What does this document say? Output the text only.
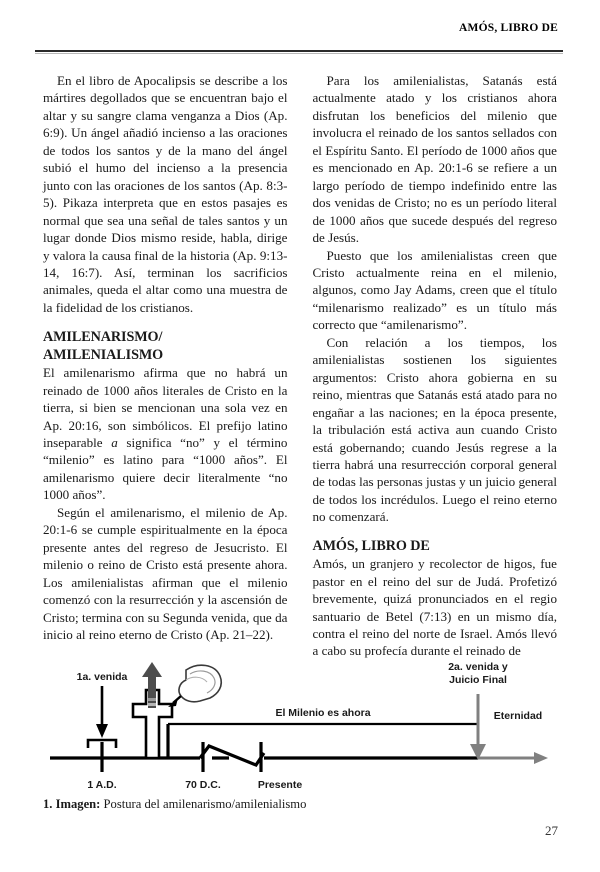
AMÓS, LIBRO DE

En el libro de Apocalipsis se describe a los mártires degollados que se encuentran bajo el altar y su sangre clama venganza a Dios (Ap. 6:9). Un ángel añadió incienso a las oraciones de todos los santos y de la mano del ángel subió el humo del incienso a la presencia junto con las oraciones de los santos (Ap. 8:3-5). Pikaza interpreta que en estos pasajes es normal que sea una señal de tales santos y un lugar donde Dios mismo reside, habla, dirige y valora la causa final de la historia (Ap. 9:13-14, 16:7). Así, terminan los sacrificios animales, queda el altar como una muestra de la fidelidad de los cristianos.

AMILENARISMO/
AMILENIALISMO

El amilenarismo afirma que no habrá un reinado de 1000 años literales de Cristo en la tierra, si bien se mencionan una sola vez en Ap. 20:16, son simbólicos. El prefijo latino inseparable a significa “no” y el término “milenio” es latino para “1000 años”. El amilenarismo quiere decir literalmente “no 1000 años”.

Según el amilenarismo, el milenio de Ap. 20:1-6 se cumple espiritualmente en la época presente antes del regreso de Jesucristo. El milenio o reino de Cristo está presente ahora. Los amilenialistas afirman que el milenio comenzó con la resurrección y la ascensión de Cristo; termina con su Segunda venida, que da inicio al reino eterno de Cristo (Ap. 21–22).

Para los amilenialistas, Satanás está actualmente atado y los cristianos ahora disfrutan los beneficios del milenio que involucra el reinado de los santos sellados con el Espíritu Santo. El período de 1000 años que es mencionado en Ap. 20:1-6 se refiere a un largo período de tiempo indefinido entre las dos venidas de Cristo; no es un período literal de 1000 años que sucede después del regreso de Jesús.

Puesto que los amilenialistas creen que Cristo actualmente reina en el milenio, algunos, como Jay Adams, creen que el título “milenarismo realizado” es un título más correcto que “amilenarismo”.

Con relación a los tiempos, los amilenialistas sostienen los siguientes argumentos: Cristo ahora gobierna en su reino, mientras que Satanás está atado para no engañar a las naciones; en la época presente, la tribulación está activa aun cuando Cristo está gobernando; cuando Jesús regrese a la tierra habrá una resurrección corporal general de todas las personas justas y un juicio general de todos los incrédulos. Luego el reino eterno no comenzará.

AMÓS, LIBRO DE

Amós, un granjero y recolector de higos, fue pastor en el reino del sur de Judá. Profetizó brevemente, quizá pronunciados en el regio santuario de Betel (7:13) en un mismo día, contra el reino del norte de Israel. Amós llevó a cabo su profecía durante el reinado de

1a. venida
2a. venida y
Juicio Final
El Milenio es ahora	Eternidad
1 A.D.	70 D.C.	Presente
1. Imagen: Postura del amilenarismo/amilenialismo
27
